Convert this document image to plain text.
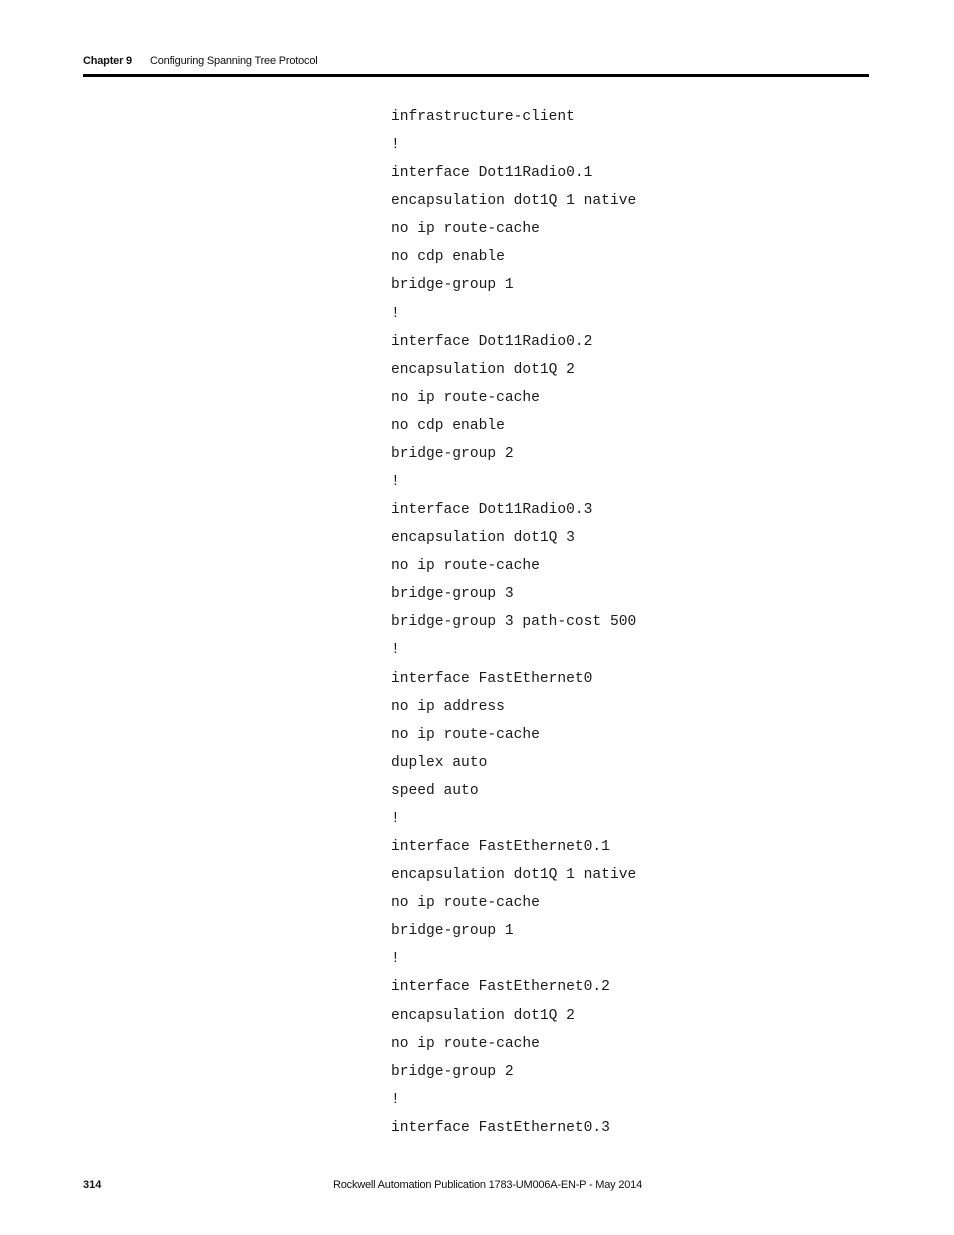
Chapter 9 Configuring Spanning Tree Protocol
infrastructure-client
!
interface Dot11Radio0.1
encapsulation dot1Q 1 native
no ip route-cache
no cdp enable
bridge-group 1
!
interface Dot11Radio0.2
encapsulation dot1Q 2
no ip route-cache
no cdp enable
bridge-group 2
!
interface Dot11Radio0.3
encapsulation dot1Q 3
no ip route-cache
bridge-group 3
bridge-group 3 path-cost 500
!
interface FastEthernet0
no ip address
no ip route-cache
duplex auto
speed auto
!
interface FastEthernet0.1
encapsulation dot1Q 1 native
no ip route-cache
bridge-group 1
!
interface FastEthernet0.2
encapsulation dot1Q 2
no ip route-cache
bridge-group 2
!
interface FastEthernet0.3
314	Rockwell Automation Publication 1783-UM006A-EN-P - May 2014
